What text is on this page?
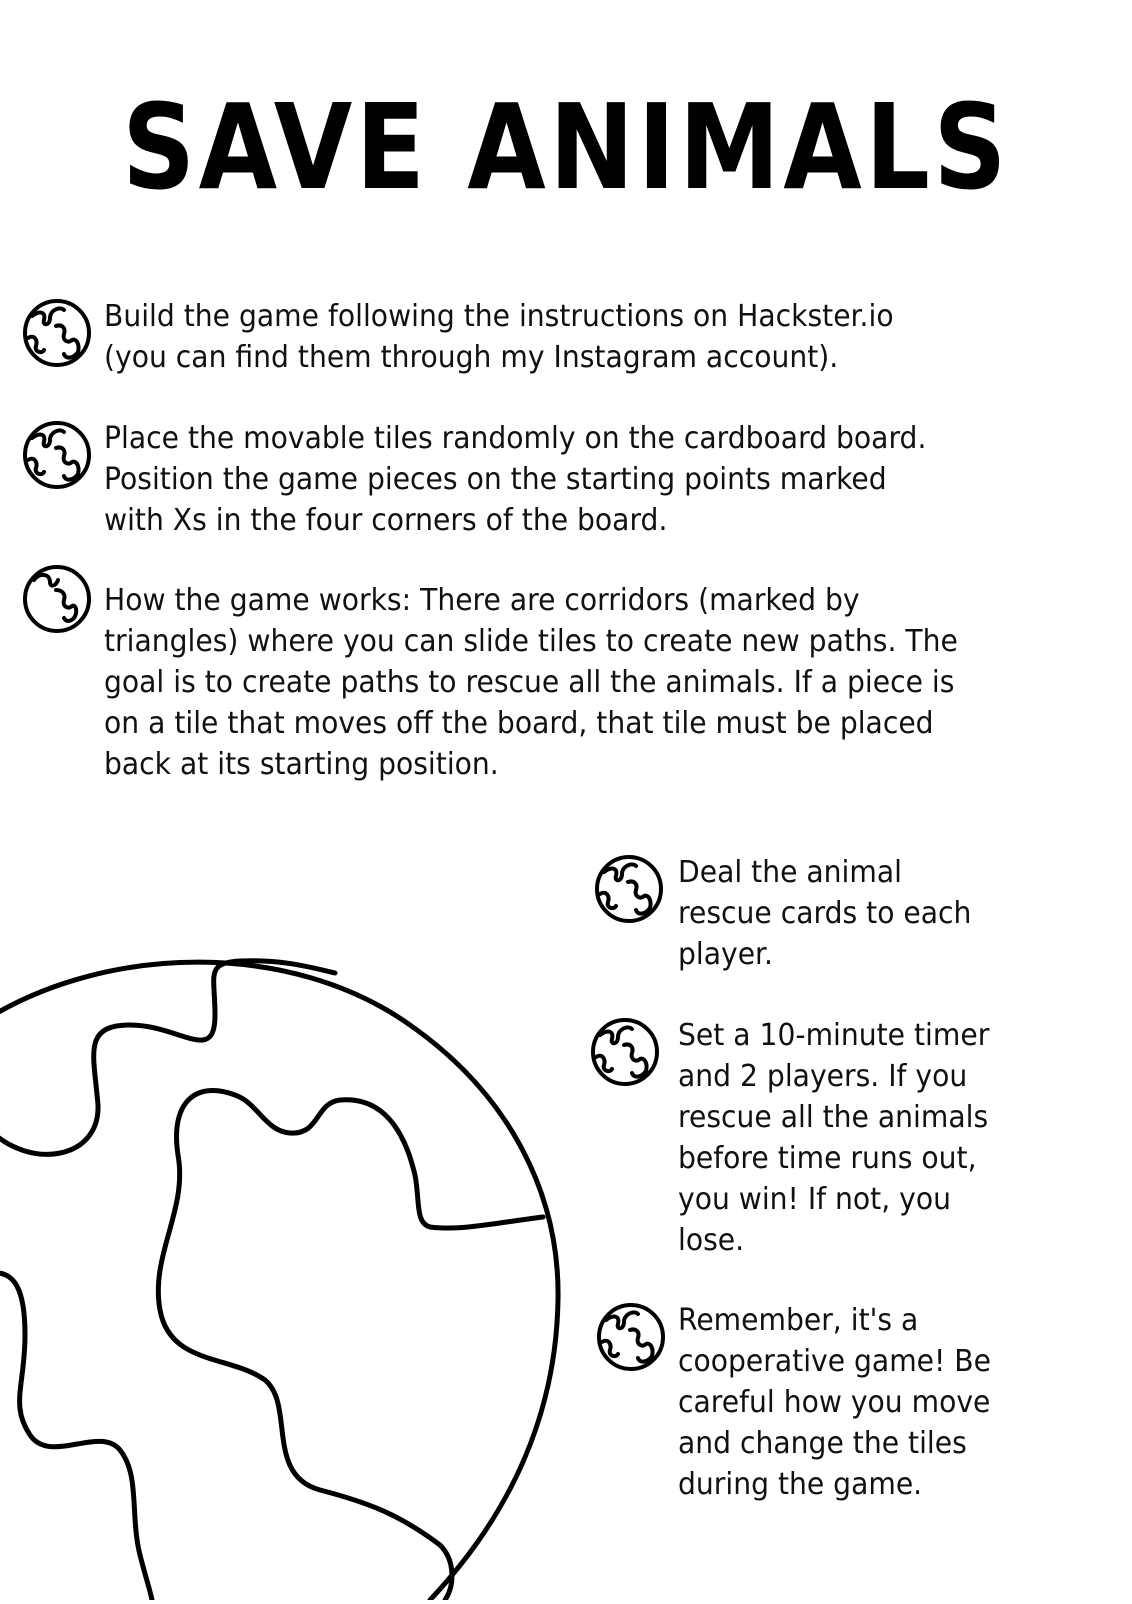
SAVE ANIMALS
Build the game following the instructions on Hackster.io
(you can find them through my Instagram account).
Place the movable tiles randomly on the cardboard board.
Position the game pieces on the starting points marked
with Xs in the four corners of the board.
How the game works: There are corridors (marked by
triangles) where you can slide tiles to create new paths. The
goal is to create paths to rescue all the animals. If a piece is
on a tile that moves off the board, that tile must be placed
back at its starting position.
Deal the animal
rescue cards to each
player.
Set a 10-minute timer
and 2 players. If you
rescue all the animals
before time runs out,
you win! If not, you
lose.
Remember, it's a
cooperative game! Be
careful how you move
and change the tiles
during the game.
